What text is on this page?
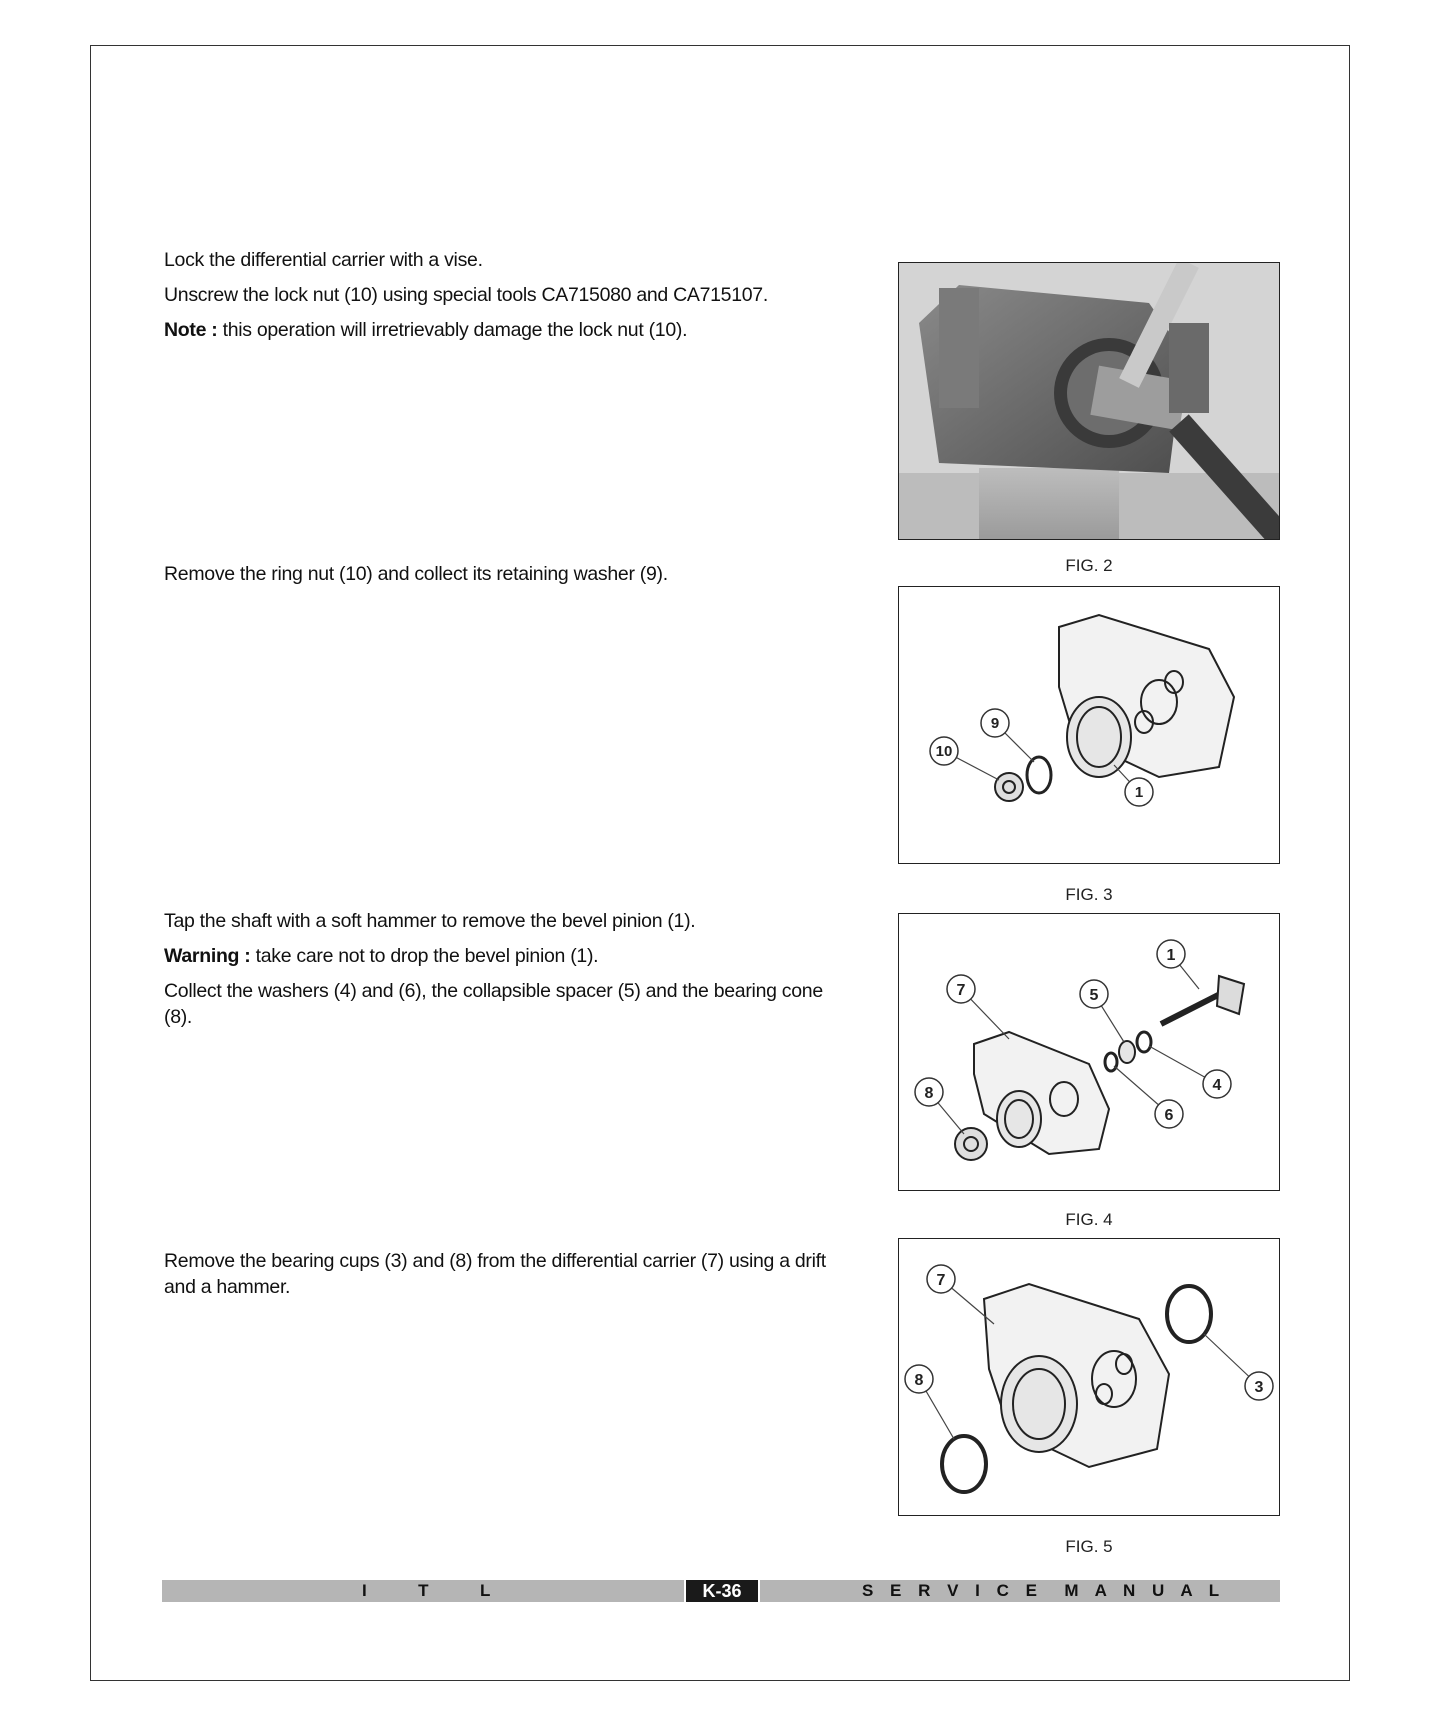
Lock the differential carrier with a vise.

Unscrew the lock nut (10) using special tools CA715080 and CA715107.

Note : this operation will irretrievably damage the lock nut (10).

Remove the ring nut (10) and collect its retaining washer (9).

Tap the shaft with a soft hammer to remove the bevel pinion (1).

Warning : take care not to drop the bevel pinion (1).

Collect the washers (4) and (6), the collapsible spacer (5) and the bearing cone (8).

Remove the bearing cups (3) and (8) from the differential carrier (7) using a drift and a hammer.

FIG. 2
9
10
1
FIG. 3
1
7	5
4
8
6
FIG. 4
7
8	3
FIG. 5
I  T  L	K-36	S E R V I C E  M A N U A L
